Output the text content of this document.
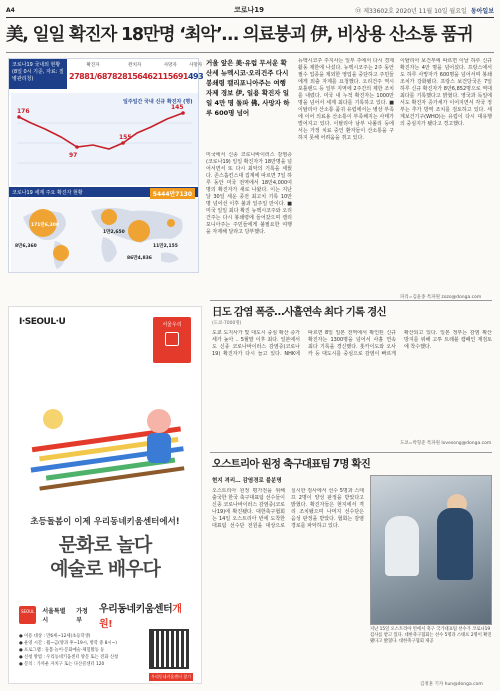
A4	코로나19	㉤ 제33602호 2020년 11월 10일 월요일 동아일보
美, 일일 확진자 18만명 ‘최악’… 의료붕괴 伊, 비상용 산소통 품귀
코로나19 국내외 현황 (8일 0시 기준, 자료: 질병관리청)
확진자
27881/6878
완치자
2815646
사망자
2115691
사망자
493
일주일간 국내 신규 확진자 (명)
176
155
97
145
코로나19 세계 주요 확진자 현황	5444만7130
8만6,360
1만2,650
11만2,155
86만4,836
171만6,300
거울 앞은 美·유럽 무서운 확산세 뉴멕시코·오리건주 다시 봉쇄령 캘리포니아주는 여행자제 경보 伊, 일용 확진자 일일 4만 명 돌파 佛, 사망자 하루 600명 넘어
미국에서 신종 코로나바이러스 감염증(코로나19) 일일 확진자가 18만명을 넘어서면서 또 다시 최악의 기록을 세웠다. 존스홉킨스대 집계에 따르면 7일 하루 동안 미국 전역에서 18만4,000여 명의 확진자가 새로 나왔다. 이는 지난달 30일 세운 종전 최고치 기록 10만 명 넘어선 이후 불과 일주일 만이다. ■ 미국 일일 최다 확진 뉴멕시코주와 오리건주는 다시 봉쇄령에 들어갔으며 캘리포니아주는 주민들에게 불필요한 여행을 자제해 달라고 당부했다.
뉴멕시코주 주지사는 일부 주에서 다시 경제 활동 제한에 나섰다. 뉴멕시코주는 2주 동안 필수 업종을 제외한 영업을 중단하고 주민들에게 외출 자제를 요청했다. 오리건주 역시 포틀랜드 등 일부 지역에 2주간의 제한 조치를 내렸다. 미국 내 누적 확진자는 1000만 명을 넘어서 세계 최다를 기록하고 있다. ■ 이탈리아 산소통 품귀 유럽에서는 병상 부족에 이어 의료용 산소통이 부족해지는 사태가 벌어지고 있다. 이탈리아 남부 나폴리 등에서는 가정 치료 중인 환자들이 산소통을 구하지 못해 어려움을 겪고 있다.
이탈리아 보건부에 따르면 이날 하루 신규 확진자는 4만 명을 넘어섰다. 프랑스에서도 하루 사망자가 600명을 넘어서며 봉쇄 조치가 강화됐다. 프랑스 보건당국은 7일 하루 신규 확진자가 8만6,852명으로 역대 최다를 기록했다고 밝혔다. 영국과 독일에서도 확진자 증가세가 이어지면서 각국 정부는 추가 방역 조치를 검토하고 있다. 세계보건기구(WHO)는 유럽이 다시 대유행의 중심지가 됐다고 경고했다.
파리=김윤종 특파원 zozo@donga.com
I·SEOUL·U	서울우리
초등돌봄이 이제 우리동네키움센터에서!
문화로 놀다
예술로 배우다
SEOUL	서울특별시
가정부
우리동네키움센터개원!
● 이용 대상 : 만6세~12세(초등학생)
● 운영 시간 : 월~금(방과 후~19시, 방학 중 8시~)
● 프로그램 : 돌봄·놀이·문화예술·체험활동 등
● 신청 방법 : 우리동네키움센터 방문 또는 전화 신청
● 문의 : 가까운 자치구 또는 다산콜센터 120
우리동네키움센터 찾기
日도 감염 폭증…사흘연속 최다 기록 경신
(도쿄·7000명)
도쿄 도지사가 및 대도시 중심 확산 증가세가 높아 ‥ 5월말 이후 최다. 일본에서도 신종 코로나바이러스 감염증(코로나19) 확진자가 다시 늘고 있다. NHK에 따르면 8일 일본 전역에서 확인된 신규 확진자는 1300명을 넘어서 사흘 연속 최다 기록을 경신했다. 홋카이도와 오사카 등 대도시를 중심으로 감염이 빠르게 확산되고 있다. 일본 정부는 감염 확산 방지를 위해 고투 트래블 캠페인 재검토에 착수했다.
도쿄=박형준 특파원 lovesong@donga.com
오스트리아 원정 축구대표팀 7명 확진
현지 격리… 감염경로 불분명
오스트리아 원정 평가전을 위해 출국한 한국 축구대표팀 선수들이 신종 코로나바이러스 감염증(코로나19)에 확진됐다. 대한축구협회는 14일 오스트리아 빈에 도착한 대표팀 선수단 전원을 대상으로 실시한 검사에서 선수 5명과 스태프 2명이 양성 판정을 받았다고 밝혔다. 확진자들은 현지에서 격리 조치됐으며 나머지 선수단은 음성 판정을 받았다. 협회는 감염 경로를 파악하고 있다.
지난 15일 오스트리아 빈에서 축구 국가대표팀 선수가 코로나19 검사를 받고 있다. 대한축구협회는 선수 5명과 스태프 2명이 확진됐다고 밝혔다. 대한축구협회 제공
김정훈 기자 hun@donga.com
